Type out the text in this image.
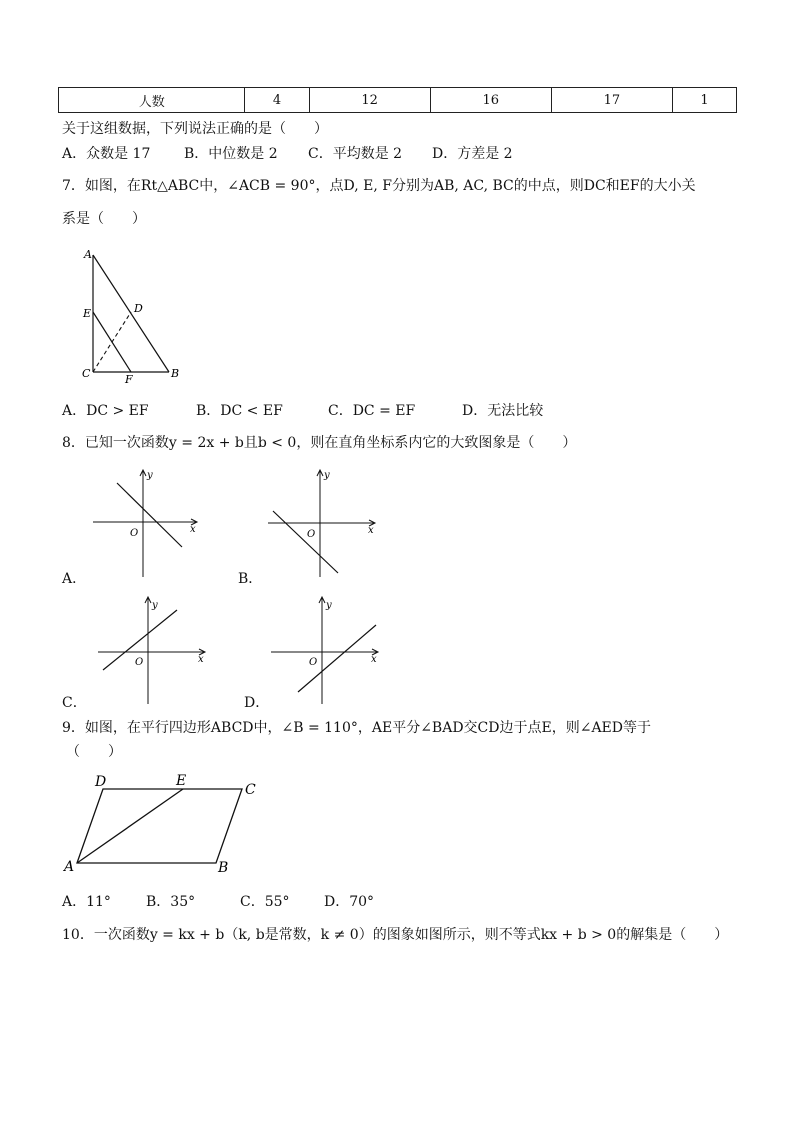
人数	4	12	16	17	1
关于这组数据，下列说法正确的是（　　）
A．众数是 17 B．中位数是 2 C．平均数是 2 D．方差是 2
7．如图，在Rt△ABC中，∠ACB = 90°，点D, E, F分别为AB, AC, BC的中点，则DC和EF的大小关
系是（　　）
A
D
E
C	F	B
A．DC > EF	B．DC < EF	C．DC = EF	D．无法比较
8．已知一次函数y = 2x + b且b < 0，则在直角坐标系内它的大致图象是（　　）
x
y
O	x
y
O
A．	B．
x
y
O	x
y
O
C．	D．
9．如图，在平行四边形ABCD中，∠B = 110°，AE平分∠BAD交CD边于点E，则∠AED等于
（　　）
D	E
C
A	B
A．11°	B．35°	C．55° D．70°
10．一次函数y = kx + b（k, b是常数，k ≠ 0）的图象如图所示，则不等式kx + b > 0的解集是（　　）
